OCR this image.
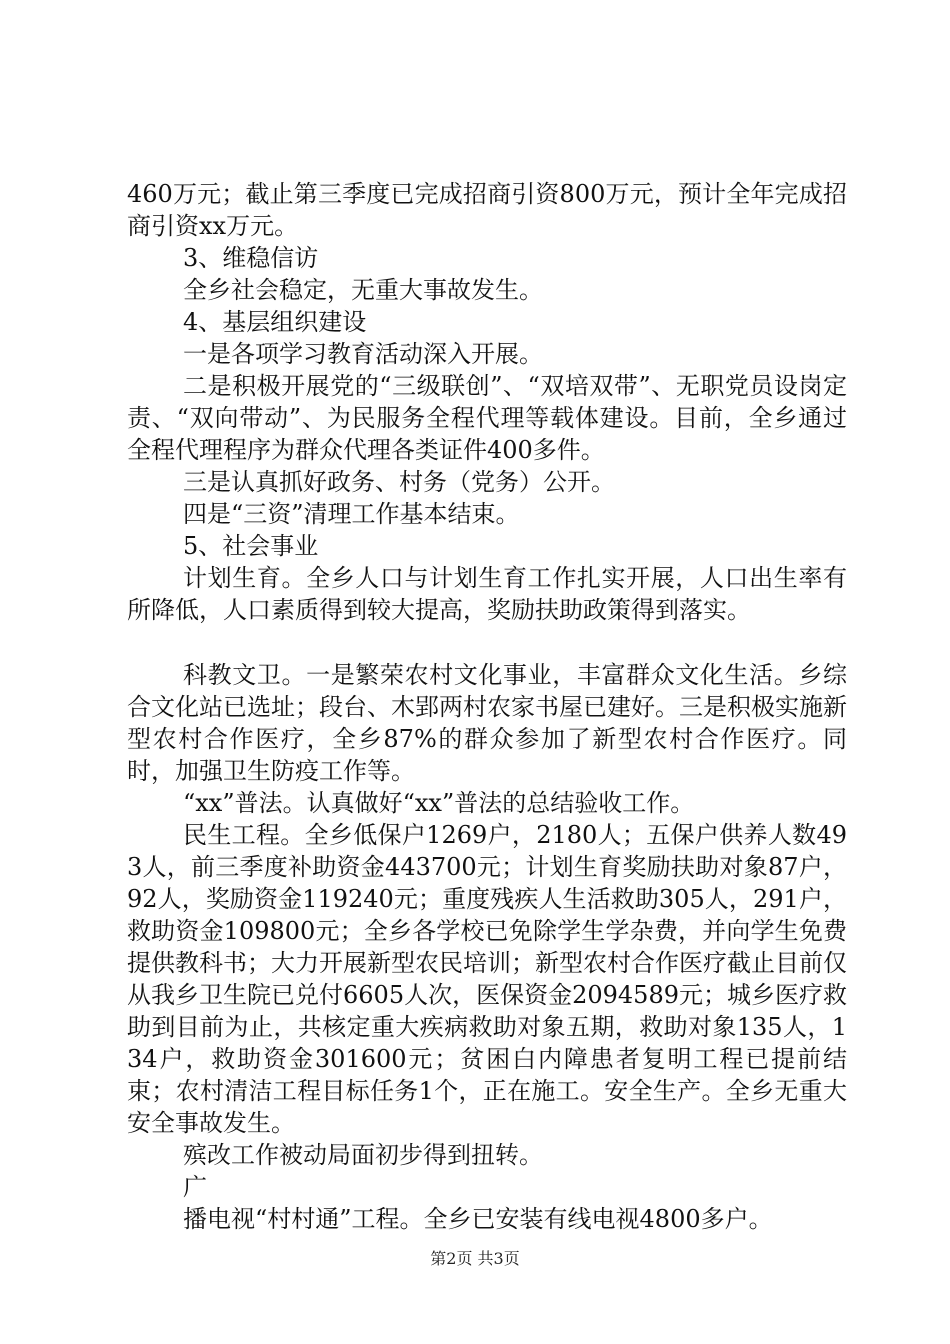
460万元；截止第三季度已完成招商引资800万元，预计全年完成招商引资xx万元。

3、维稳信访

全乡社会稳定，无重大事故发生。

4、基层组织建设

一是各项学习教育活动深入开展。

二是积极开展党的“三级联创”、“双培双带”、无职党员设岗定责、“双向带动”、为民服务全程代理等载体建设。目前，全乡通过全程代理程序为群众代理各类证件400多件。

三是认真抓好政务、村务（党务）公开。

四是“三资”清理工作基本结束。

5、社会事业

计划生育。全乡人口与计划生育工作扎实开展，人口出生率有所降低，人口素质得到较大提高，奖励扶助政策得到落实。

科教文卫。一是繁荣农村文化事业，丰富群众文化生活。乡综合文化站已选址；段台、木郢两村农家书屋已建好。三是积极实施新型农村合作医疗，全乡87%的群众参加了新型农村合作医疗。同时，加强卫生防疫工作等。

“xx”普法。认真做好“xx”普法的总结验收工作。

民生工程。全乡低保户1269户，2180人；五保户供养人数493人，前三季度补助资金443700元；计划生育奖励扶助对象87户，92人，奖励资金119240元；重度残疾人生活救助305人，291户，救助资金109800元；全乡各学校已免除学生学杂费，并向学生免费提供教科书；大力开展新型农民培训；新型农村合作医疗截止目前仅从我乡卫生院已兑付6605人次，医保资金2094589元；城乡医疗救助到目前为止，共核定重大疾病救助对象五期，救助对象135人，134户，救助资金301600元；贫困白内障患者复明工程已提前结束；农村清洁工程目标任务1个，正在施工。安全生产。全乡无重大安全事故发生。

殡改工作被动局面初步得到扭转。

广

播电视“村村通”工程。全乡已安装有线电视4800多户。

第2页 共3页
